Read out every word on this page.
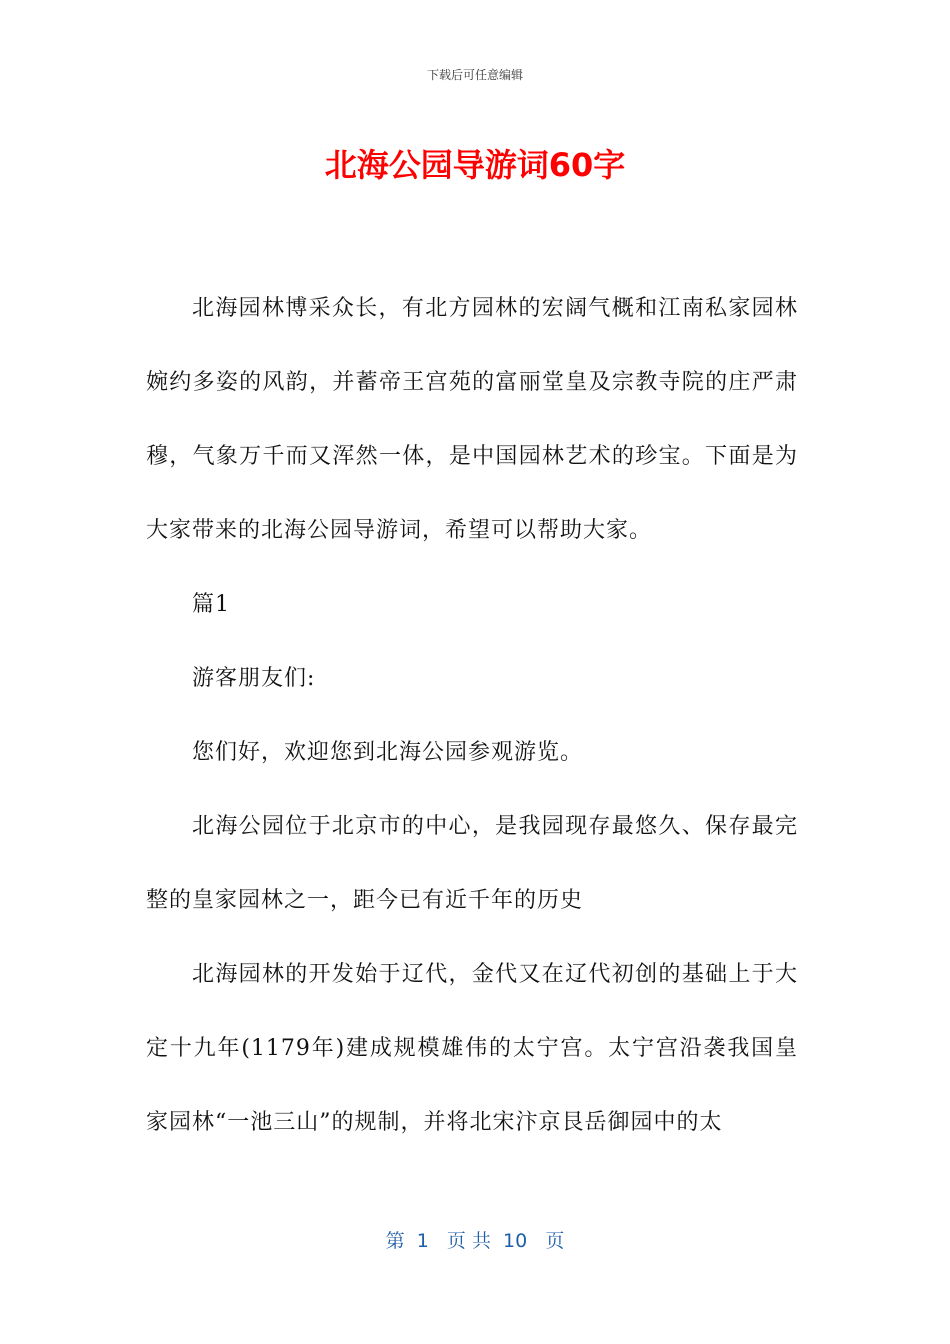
下载后可任意编辑
北海公园导游词60字

北海园林博采众长，有北方园林的宏阔气概和江南私家园林婉约多姿的风韵，并蓄帝王宫苑的富丽堂皇及宗教寺院的庄严肃穆，气象万千而又浑然一体，是中国园林艺术的珍宝。下面是为大家带来的北海公园导游词，希望可以帮助大家。

篇1

游客朋友们:

您们好，欢迎您到北海公园参观游览。

北海公园位于北京市的中心，是我园现存最悠久、保存最完整的皇家园林之一，距今已有近千年的历史

北海园林的开发始于辽代，金代又在辽代初创的基础上于大定十九年(1179年)建成规模雄伟的太宁宫。太宁宫沿袭我国皇家园林“一池三山”的规制，并将北宋汴京艮岳御园中的太

第  1   页 共  10   页
